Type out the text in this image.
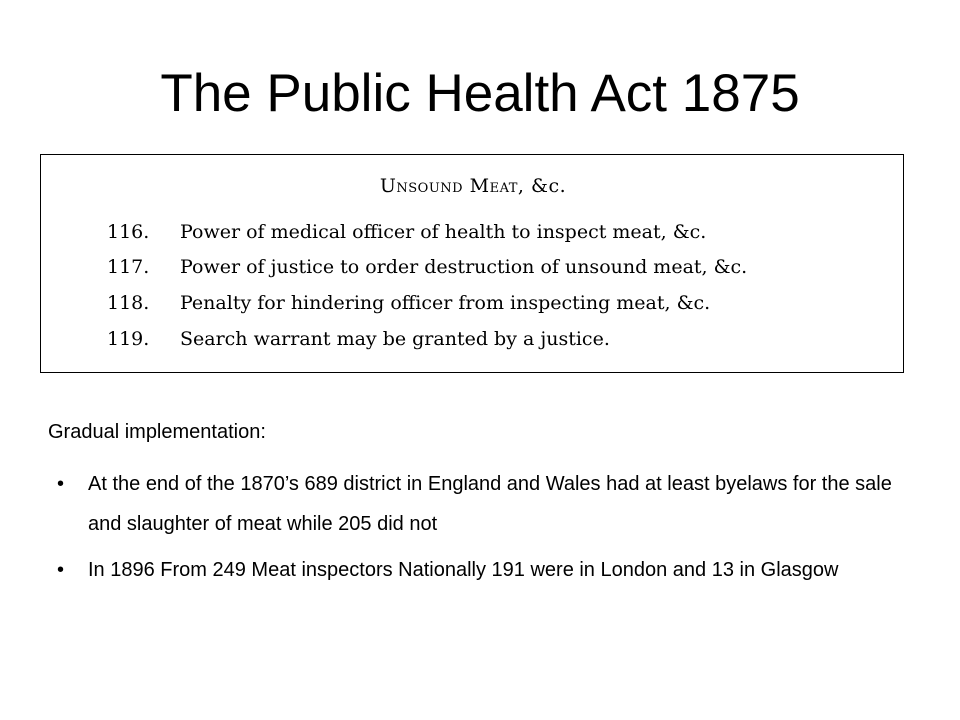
The Public Health Act 1875
Unsound Meat, &c.
116. Power of medical officer of health to inspect meat, &c.
117. Power of justice to order destruction of unsound meat, &c.
118. Penalty for hindering officer from inspecting meat, &c.
119. Search warrant may be granted by a justice.
Gradual implementation:
• At the end of the 1870’s 689 district in England and Wales had at least byelaws for the sale and slaughter of meat while 205 did not
• In 1896 From 249 Meat inspectors Nationally 191 were in London and 13 in Glasgow
